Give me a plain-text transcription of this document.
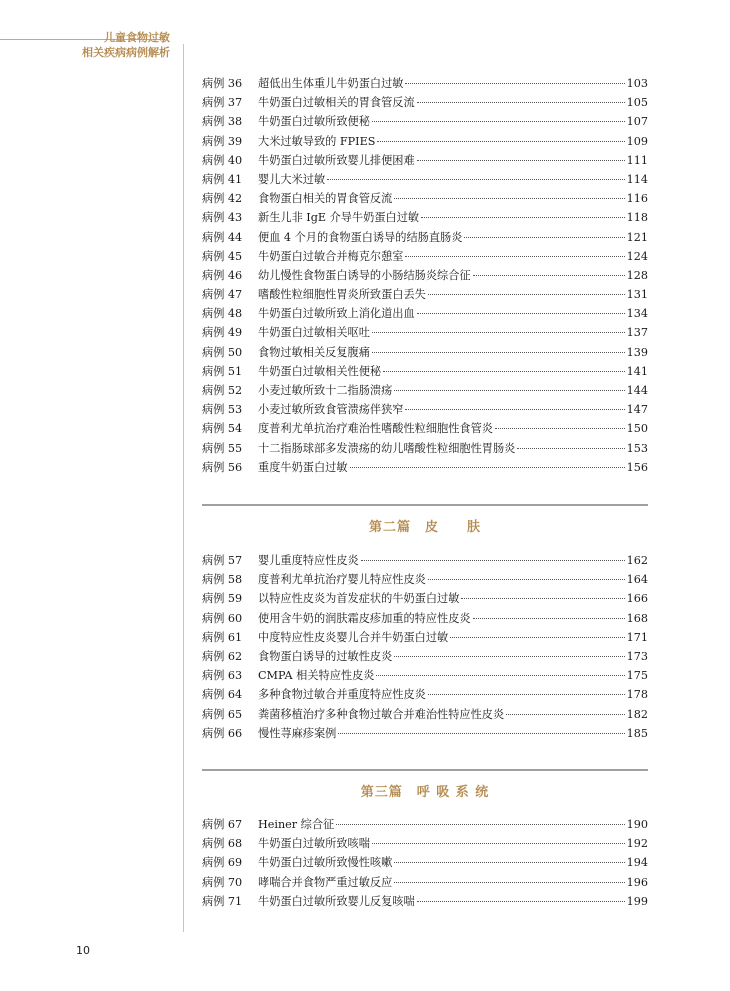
儿童食物过敏
相关疾病病例解析
病例 36	超低出生体重儿牛奶蛋白过敏	103
病例 37	牛奶蛋白过敏相关的胃食管反流	105
病例 38	牛奶蛋白过敏所致便秘	107
病例 39	大米过敏导致的 FPIES	109
病例 40	牛奶蛋白过敏所致婴儿排便困难	111
病例 41	婴儿大米过敏	114
病例 42	食物蛋白相关的胃食管反流	116
病例 43	新生儿非 IgE 介导牛奶蛋白过敏	118
病例 44	便血 4 个月的食物蛋白诱导的结肠直肠炎	121
病例 45	牛奶蛋白过敏合并梅克尔憩室	124
病例 46	幼儿慢性食物蛋白诱导的小肠结肠炎综合征	128
病例 47	嗜酸性粒细胞性胃炎所致蛋白丢失	131
病例 48	牛奶蛋白过敏所致上消化道出血	134
病例 49	牛奶蛋白过敏相关呕吐	137
病例 50	食物过敏相关反复腹痛	139
病例 51	牛奶蛋白过敏相关性便秘	141
病例 52	小麦过敏所致十二指肠溃疡	144
病例 53	小麦过敏所致食管溃疡伴狭窄	147
病例 54	度普利尤单抗治疗难治性嗜酸性粒细胞性食管炎	150
病例 55	十二指肠球部多发溃疡的幼儿嗜酸性粒细胞性胃肠炎	153
病例 56	重度牛奶蛋白过敏	156
第二篇　皮　　肤
病例 57	婴儿重度特应性皮炎	162
病例 58	度普利尤单抗治疗婴儿特应性皮炎	164
病例 59	以特应性皮炎为首发症状的牛奶蛋白过敏	166
病例 60	使用含牛奶的润肤霜皮疹加重的特应性皮炎	168
病例 61	中度特应性皮炎婴儿合并牛奶蛋白过敏	171
病例 62	食物蛋白诱导的过敏性皮炎	173
病例 63	CMPA 相关特应性皮炎	175
病例 64	多种食物过敏合并重度特应性皮炎	178
病例 65	粪菌移植治疗多种食物过敏合并难治性特应性皮炎	182
病例 66	慢性荨麻疹案例	185
第三篇　呼 吸 系 统
病例 67	Heiner 综合征	190
病例 68	牛奶蛋白过敏所致咳喘	192
病例 69	牛奶蛋白过敏所致慢性咳嗽	194
病例 70	哮喘合并食物严重过敏反应	196
病例 71	牛奶蛋白过敏所致婴儿反复咳喘	199
10
